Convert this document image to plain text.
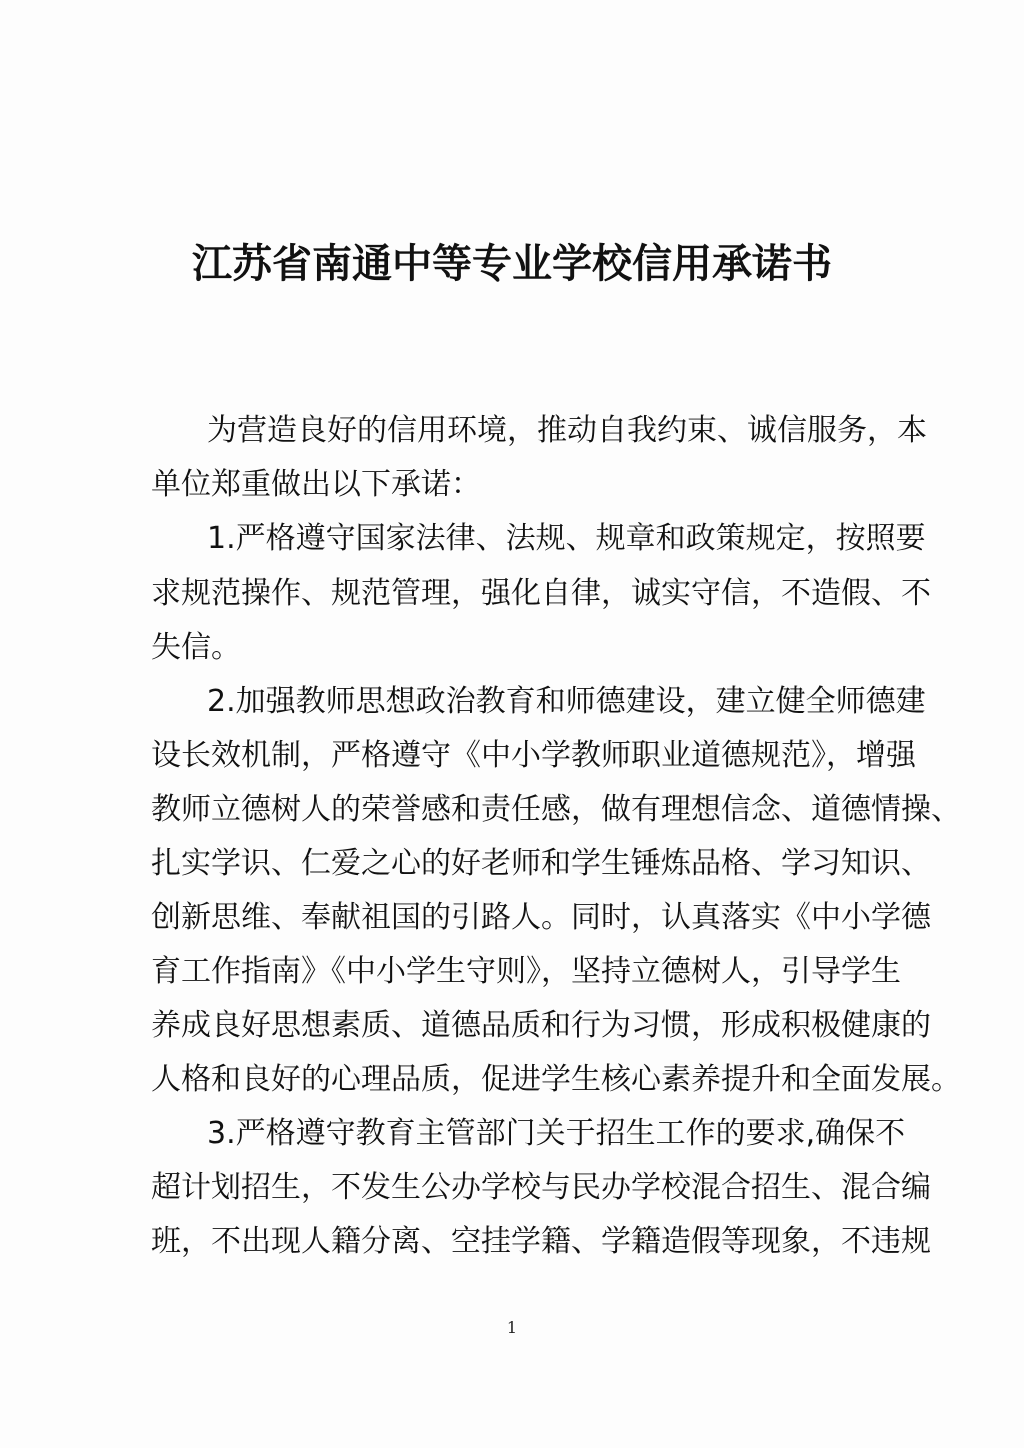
江苏省南通中等专业学校信用承诺书

为营造良好的信用环境，推动自我约束、诚信服务，本

单位郑重做出以下承诺：

1.严格遵守国家法律、法规、规章和政策规定，按照要

求规范操作、规范管理，强化自律，诚实守信，不造假、不

失信。

2.加强教师思想政治教育和师德建设，建立健全师德建

设长效机制，严格遵守《中小学教师职业道德规范》，增强

教师立德树人的荣誉感和责任感，做有理想信念、道德情操、

扎实学识、仁爱之心的好老师和学生锤炼品格、学习知识、

创新思维、奉献祖国的引路人。同时，认真落实《中小学德

育工作指南》《中小学生守则》，坚持立德树人，引导学生

养成良好思想素质、道德品质和行为习惯，形成积极健康的

人格和良好的心理品质，促进学生核心素养提升和全面发展。

3.严格遵守教育主管部门关于招生工作的要求,确保不

超计划招生，不发生公办学校与民办学校混合招生、混合编

班，不出现人籍分离、空挂学籍、学籍造假等现象，不违规

1
